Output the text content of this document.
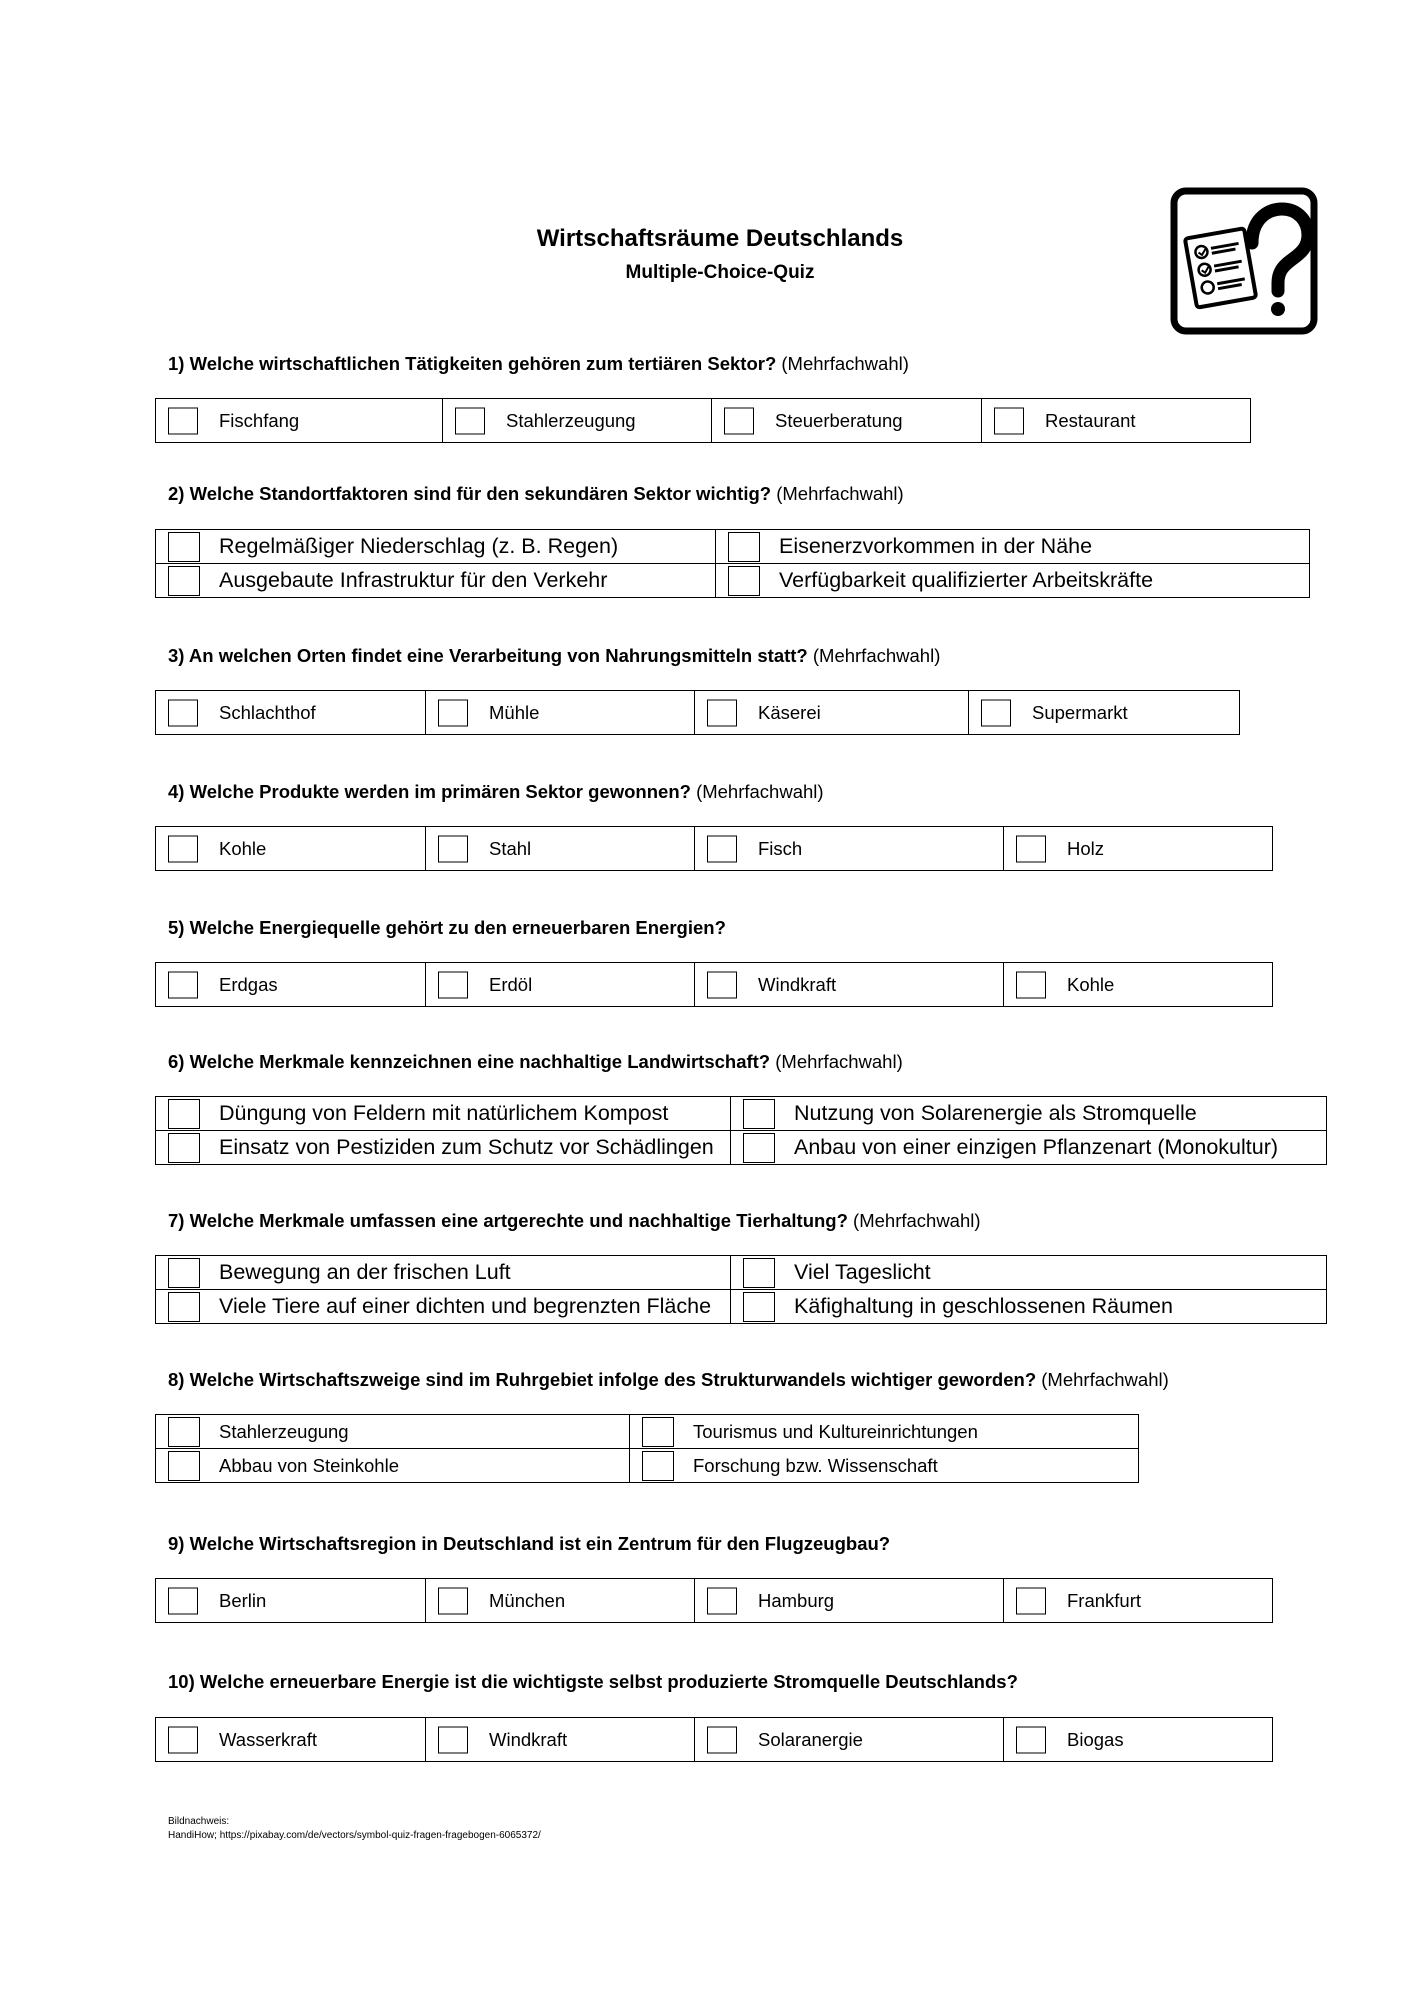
Wirtschaftsräume Deutschlands
Multiple-Choice-Quiz
1) Welche wirtschaftlichen Tätigkeiten gehören zum tertiären Sektor? (Mehrfachwahl)
Fischfang	Stahlerzeugung	Steuerberatung	Restaurant
2) Welche Standortfaktoren sind für den sekundären Sektor wichtig? (Mehrfachwahl)
Regelmäßiger Niederschlag (z. B. Regen)	Eisenerzvorkommen in der Nähe

Ausgebaute Infrastruktur für den Verkehr	Verfügbarkeit qualifizierter Arbeitskräfte
3) An welchen Orten findet eine Verarbeitung von Nahrungsmitteln statt? (Mehrfachwahl)
Schlachthof	Mühle	Käserei	Supermarkt
4) Welche Produkte werden im primären Sektor gewonnen? (Mehrfachwahl)
Kohle	Stahl	Fisch	Holz
5) Welche Energiequelle gehört zu den erneuerbaren Energien?
Erdgas	Erdöl	Windkraft	Kohle
6) Welche Merkmale kennzeichnen eine nachhaltige Landwirtschaft? (Mehrfachwahl)
Düngung von Feldern mit natürlichem Kompost	Nutzung von Solarenergie als Stromquelle

Einsatz von Pestiziden zum Schutz vor Schädlingen	Anbau von einer einzigen Pflanzenart (Monokultur)
7) Welche Merkmale umfassen eine artgerechte und nachhaltige Tierhaltung? (Mehrfachwahl)
Bewegung an der frischen Luft	Viel Tageslicht

Viele Tiere auf einer dichten und begrenzten Fläche	Käfighaltung in geschlossenen Räumen
8) Welche Wirtschaftszweige sind im Ruhrgebiet infolge des Strukturwandels wichtiger geworden? (Mehrfachwahl)
Stahlerzeugung	Tourismus und Kultureinrichtungen

Abbau von Steinkohle	Forschung bzw. Wissenschaft
9) Welche Wirtschaftsregion in Deutschland ist ein Zentrum für den Flugzeugbau?
Berlin	München	Hamburg	Frankfurt
10) Welche erneuerbare Energie ist die wichtigste selbst produzierte Stromquelle Deutschlands?
Wasserkraft	Windkraft	Solaranergie	Biogas
Bildnachweis:
HandiHow; https://pixabay.com/de/vectors/symbol-quiz-fragen-fragebogen-6065372/
